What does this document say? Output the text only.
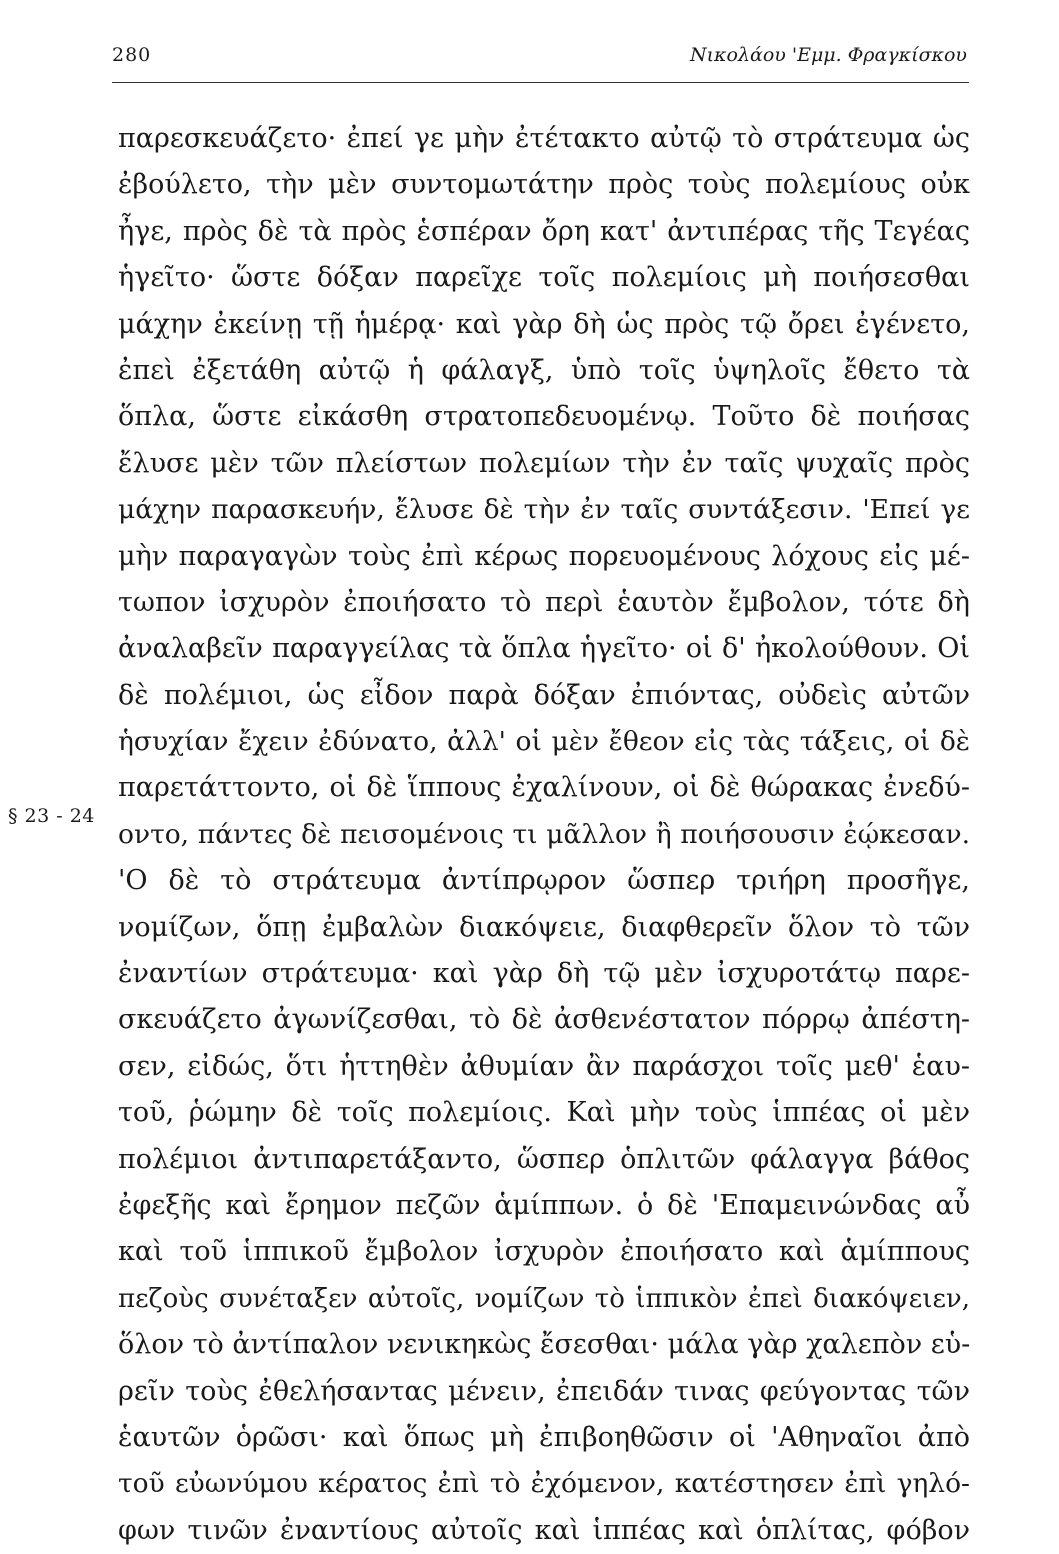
280	Νικολάου 'Εμμ. Φραγκίσκου
§ 23 - 24
παρεσκευάζετο· ἐπεί γε μὴν ἐτέτακτο αὐτῷ τὸ στράτευμα ὡς
ἐβούλετο, τὴν μὲν συντομωτάτην πρὸς τοὺς πολεμίους οὐκ
ἦγε, πρὸς δὲ τὰ πρὸς ἑσπέραν ὄρη κατ' ἀντιπέρας τῆς Τεγέας
ἡγεῖτο· ὥστε δόξαν παρεῖχε τοῖς πολεμίοις μὴ ποιήσεσθαι
μάχην ἐκείνῃ τῇ ἡμέρᾳ· καὶ γὰρ δὴ ὡς πρὸς τῷ ὄρει ἐγένετο,
ἐπεὶ ἐξετάθη αὐτῷ ἡ φάλαγξ, ὑπὸ τοῖς ὑψηλοῖς ἔθετο τὰ
ὅπλα, ὥστε εἰκάσθη στρατοπεδευομένῳ. Τοῦτο δὲ ποιήσας
ἔλυσε μὲν τῶν πλείστων πολεμίων τὴν ἐν ταῖς ψυχαῖς πρὸς
μάχην παρασκευήν, ἔλυσε δὲ τὴν ἐν ταῖς συντάξεσιν. 'Επεί γε
μὴν παραγαγὼν τοὺς ἐπὶ κέρως πορευομένους λόχους εἰς μέ-
τωπον ἰσχυρὸν ἐποιήσατο τὸ περὶ ἑαυτὸν ἔμβολον, τότε δὴ
ἀναλαβεῖν παραγγείλας τὰ ὅπλα ἡγεῖτο· οἱ δ' ἠκολούθουν. Οἱ
δὲ πολέμιοι, ὡς εἶδον παρὰ δόξαν ἐπιόντας, οὐδεὶς αὐτῶν
ἡσυχίαν ἔχειν ἐδύνατο, ἀλλ' οἱ μὲν ἔθεον εἰς τὰς τάξεις, οἱ δὲ
παρετάττοντο, οἱ δὲ ἵππους ἐχαλίνουν, οἱ δὲ θώρακας ἐνεδύ-
οντο, πάντες δὲ πεισομένοις τι μᾶλλον ἢ ποιήσουσιν ἐῴκεσαν.
'Ο δὲ τὸ στράτευμα ἀντίπρῳρον ὥσπερ τριήρη προσῆγε,
νομίζων, ὅπῃ ἐμβαλὼν διακόψειε, διαφθερεῖν ὅλον τὸ τῶν
ἐναντίων στράτευμα· καὶ γὰρ δὴ τῷ μὲν ἰσχυροτάτῳ παρε-
σκευάζετο ἀγωνίζεσθαι, τὸ δὲ ἀσθενέστατον πόρρῳ ἀπέστη-
σεν, εἰδώς, ὅτι ἡττηθὲν ἀθυμίαν ἂν παράσχοι τοῖς μεθ' ἑαυ-
τοῦ, ῥώμην δὲ τοῖς πολεμίοις. Καὶ μὴν τοὺς ἱππέας οἱ μὲν
πολέμιοι ἀντιπαρετάξαντο, ὥσπερ ὁπλιτῶν φάλαγγα βάθος
ἐφεξῆς καὶ ἔρημον πεζῶν ἁμίππων. ὁ δὲ 'Επαμεινώνδας αὖ
καὶ τοῦ ἱππικοῦ ἔμβολον ἰσχυρὸν ἐποιήσατο καὶ ἁμίππους
πεζοὺς συνέταξεν αὐτοῖς, νομίζων τὸ ἱππικὸν ἐπεὶ διακόψειεν,
ὅλον τὸ ἀντίπαλον νενικηκὼς ἔσεσθαι· μάλα γὰρ χαλεπὸν εὑ-
ρεῖν τοὺς ἐθελήσαντας μένειν, ἐπειδάν τινας φεύγοντας τῶν
ἑαυτῶν ὁρῶσι· καὶ ὅπως μὴ ἐπιβοηθῶσιν οἱ 'Αθηναῖοι ἀπὸ
τοῦ εὐωνύμου κέρατος ἐπὶ τὸ ἐχόμενον, κατέστησεν ἐπὶ γηλό-
φων τινῶν ἐναντίους αὐτοῖς καὶ ἱππέας καὶ ὁπλίτας, φόβον
